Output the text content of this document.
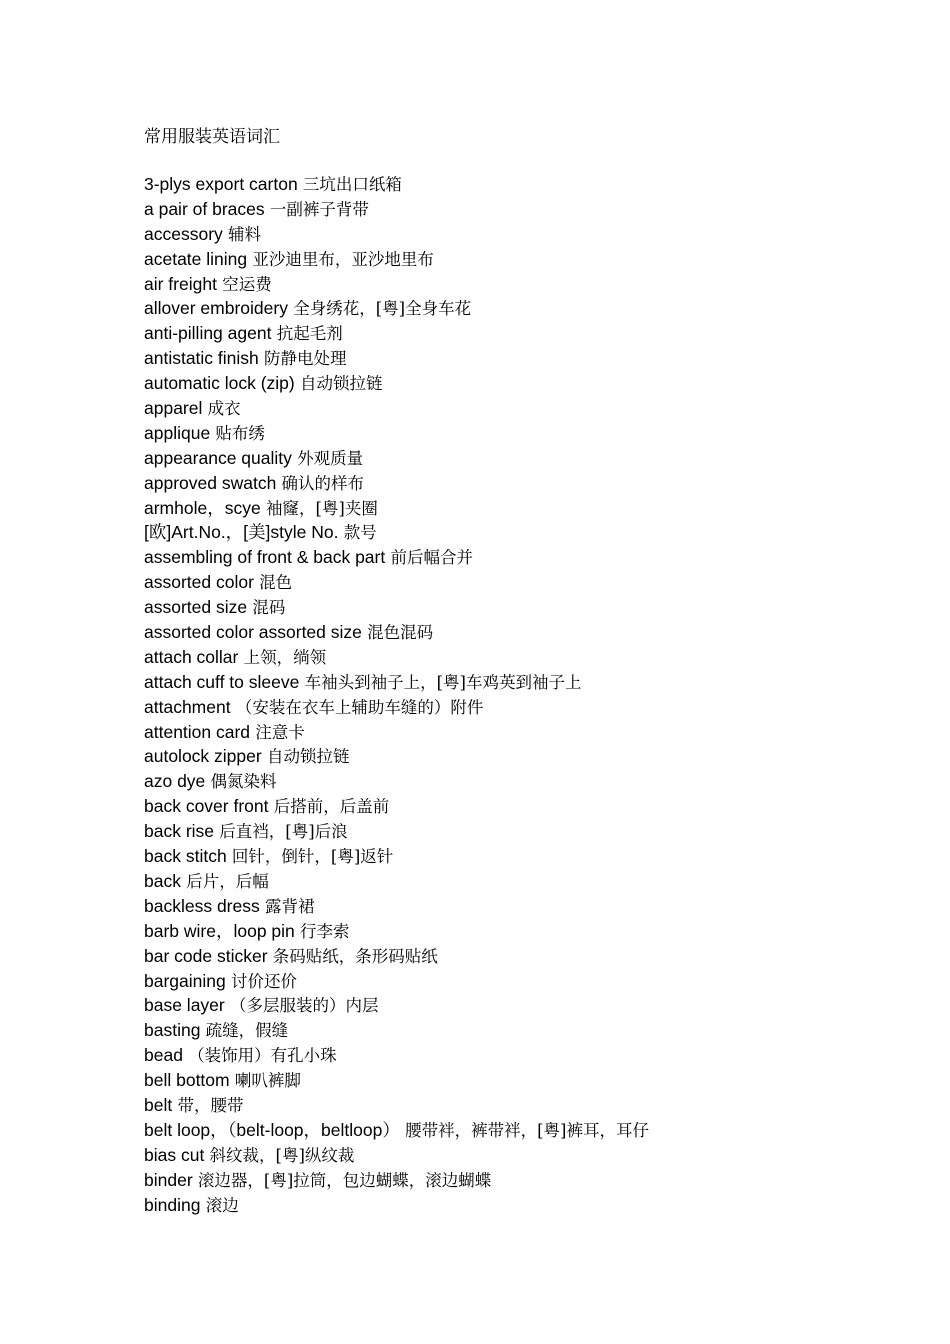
常用服装英语词汇
3-plys export carton 三坑出口纸箱
a pair of braces 一副裤子背带
accessory 辅料
acetate lining 亚沙迪里布，亚沙地里布
air freight 空运费
allover embroidery 全身绣花，[粤]全身车花
anti-pilling agent 抗起毛剂
antistatic finish 防静电处理
automatic lock (zip) 自动锁拉链
apparel 成衣
applique 贴布绣
appearance quality 外观质量
approved swatch 确认的样布
armhole，scye 袖窿，[粤]夹圈
[欧]Art.No.，[美]style No. 款号
assembling of front & back part 前后幅合并
assorted color 混色
assorted size 混码
assorted color assorted size 混色混码
attach collar 上领，绱领
attach cuff to sleeve 车袖头到袖子上，[粤]车鸡英到袖子上
attachment （安装在衣车上辅助车缝的）附件
attention card 注意卡
autolock zipper 自动锁拉链
azo dye 偶氮染料
back cover front 后搭前，后盖前
back rise 后直裆，[粤]后浪
back stitch 回针，倒针，[粤]返针
back 后片，后幅
backless dress 露背裙
barb wire，loop pin 行李索
bar code sticker 条码贴纸，条形码贴纸
bargaining 讨价还价
base layer （多层服装的）内层
basting 疏缝，假缝
bead （装饰用）有孔小珠
bell bottom 喇叭裤脚
belt 带，腰带
belt loop，（belt-loop，beltloop） 腰带袢，裤带袢，[粤]裤耳，耳仔
bias cut 斜纹裁，[粤]纵纹裁
binder 滚边器，[粤]拉筒，包边蝴蝶，滚边蝴蝶
binding 滚边
